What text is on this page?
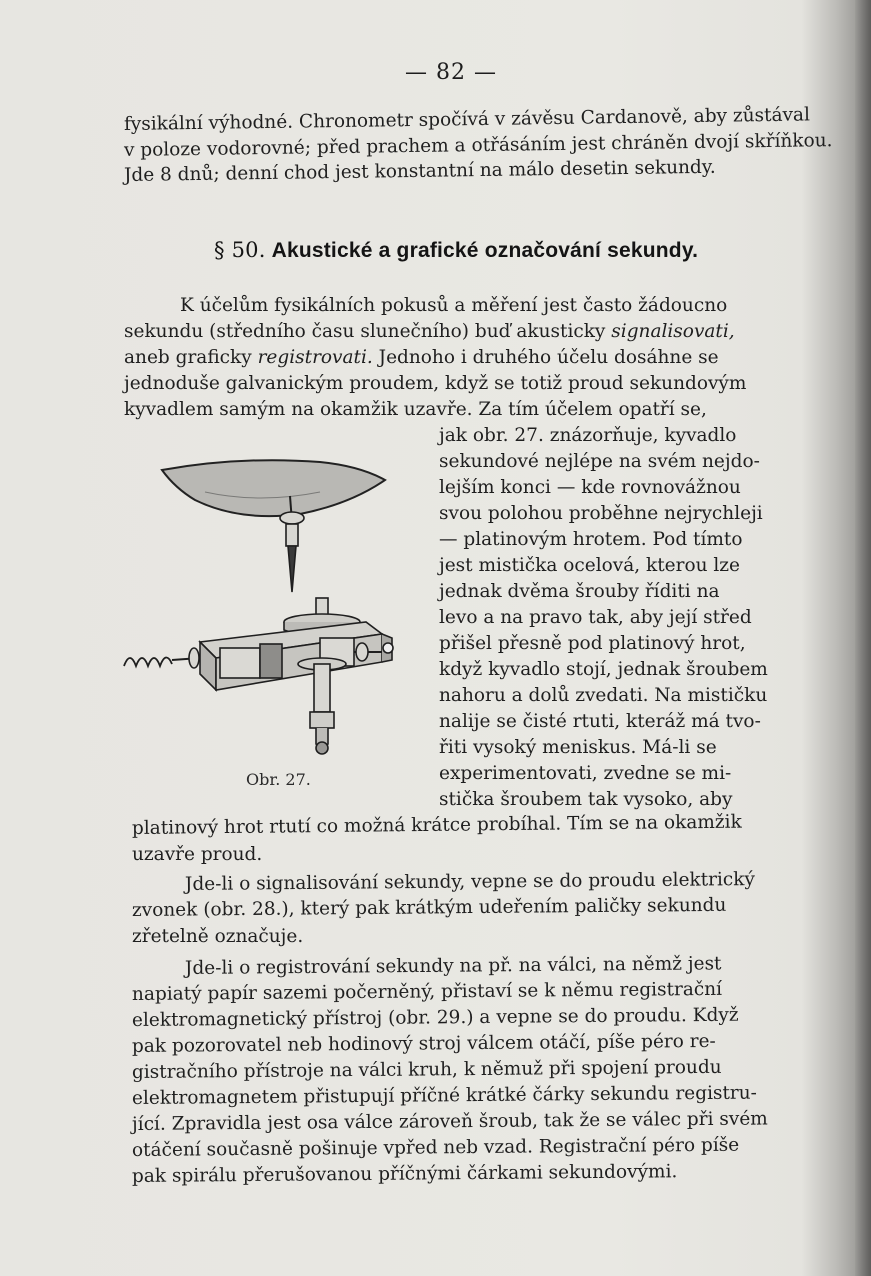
— 82 —
fysikální výhodné. Chronometr spočívá v závěsu Cardanově, aby zůstával
v poloze vodorovné; před prachem a otřásáním jest chráněn dvojí skříňkou.
Jde 8 dnů; denní chod jest konstantní na málo desetin sekundy.
§ 50. Akustické a grafické označování sekundy.
K účelům fysikálních pokusů a měření jest často žádoucno
sekundu (středního času slunečního) buď akusticky signalisovati,
aneb graficky registrovati. Jednoho i druhého účelu dosáhne se
jednoduše galvanickým proudem, když se totiž proud sekundovým
kyvadlem samým na okamžik uzavře. Za tím účelem opatří se,
jak obr. 27. znázorňuje, kyvadlo
sekundové nejlépe na svém nejdo-
lejším konci — kde rovnovážnou
svou polohou proběhne nejrychleji
— platinovým hrotem. Pod tímto
jest mistička ocelová, kterou lze
jednak dvěma šrouby říditi na
levo a na pravo tak, aby její střed
přišel přesně pod platinový hrot,
když kyvadlo stojí, jednak šroubem
nahoru a dolů zvedati. Na mističku
nalije se čisté rtuti, kteráž má tvo-
řiti vysoký meniskus. Má-li se
experimentovati, zvedne se mi-
stička šroubem tak vysoko, aby
platinový hrot rtutí co možná krátce probíhal. Tím se na okamžik
uzavře proud.
Obr. 27.
Jde-li o signalisování sekundy, vepne se do proudu elektrický
zvonek (obr. 28.), který pak krátkým udeřením paličky sekundu
zřetelně označuje.
Jde-li o registrování sekundy na př. na válci, na němž jest
napiatý papír sazemi počerněný, přistaví se k němu registrační
elektromagnetický přístroj (obr. 29.) a vepne se do proudu. Když
pak pozorovatel neb hodinový stroj válcem otáčí, píše péro re-
gistračního přístroje na válci kruh, k němuž při spojení proudu
elektromagnetem přistupují příčné krátké čárky sekundu registru-
jící. Zpravidla jest osa válce zároveň šroub, tak že se válec při svém
otáčení současně pošinuje vpřed neb vzad. Registrační péro píše
pak spirálu přerušovanou příčnými čárkami sekundovými.
